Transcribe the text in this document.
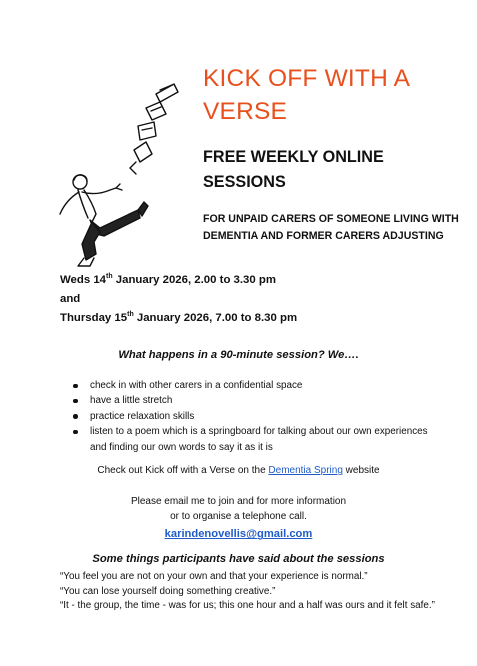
KICK OFF WITH A VERSE
FREE WEEKLY ONLINE SESSIONS
FOR UNPAID CARERS OF SOMEONE LIVING WITH DEMENTIA AND FORMER CARERS ADJUSTING
Weds 14th January 2026, 2.00 to 3.30 pm
and
Thursday 15th January 2026, 7.00 to 8.30 pm
What happens in a 90-minute session? We….
check in with other carers in a confidential space
have a little stretch
practice relaxation skills
listen to a poem which is a springboard for talking about our own experiences and finding our own words to say it as it is
Check out Kick off with a Verse on the Dementia Spring website
Please email me to join and for more information
or to organise a telephone call.
karindenovellis@gmail.com
Some things participants have said about the sessions
“You feel you are not on your own and that your experience is normal.”
“You can lose yourself doing something creative.”
“It - the group, the time - was for us; this one hour and a half was ours and it felt safe.”
